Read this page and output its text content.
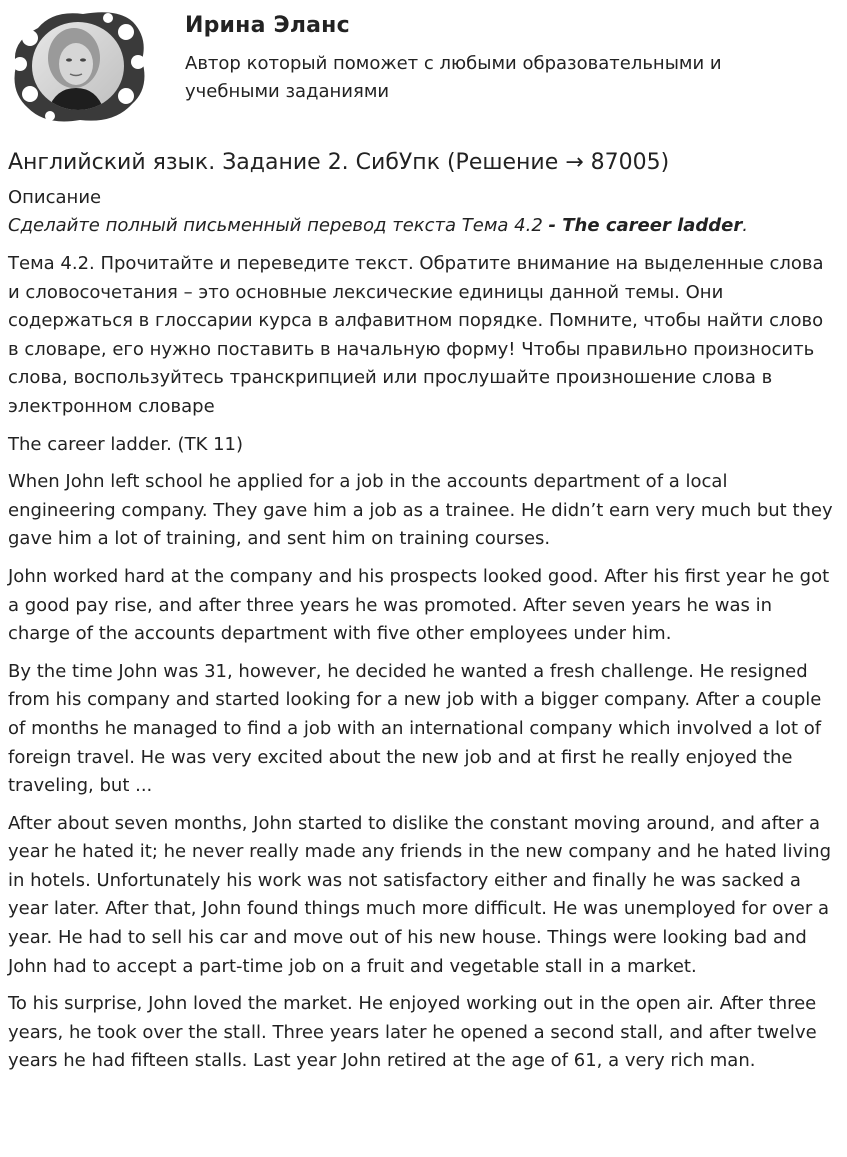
Ирина Эланс

Автор который поможет с любыми образовательными и учебными заданиями

Английский язык. Задание 2. СибУпк (Решение → 87005)

Описание

Сделайте полный письменный перевод текста Тема 4.2 - The career ladder.

Тема 4.2. Прочитайте и переведите текст. Обратите внимание на выделенные слова и словосочетания – это основные лексические единицы данной темы. Они содержаться в глоссарии курса в алфавитном порядке. Помните, чтобы найти слово в словаре, его нужно поставить в начальную форму! Чтобы правильно произносить слова, воспользуйтесь транскрипцией или прослушайте произношение слова в электронном словаре

The career ladder. (TK 11)

When John left school he applied for a job in the accounts department of a local engineering company. They gave him a job as a trainee. He didn’t earn very much but they gave him a lot of training, and sent him on training courses.

John worked hard at the company and his prospects looked good. After his first year he got a good pay rise, and after three years he was promoted. After seven years he was in charge of the accounts department with five other employees under him.

By the time John was 31, however, he decided he wanted a fresh challenge. He resigned from his company and started looking for a new job with a bigger company. After a couple of months he managed to find a job with an international company which involved a lot of foreign travel. He was very excited about the new job and at first he really enjoyed the traveling, but ...

After about seven months, John started to dislike the constant moving around, and after a year he hated it; he never really made any friends in the new company and he hated living in hotels. Unfortunately his work was not satisfactory either and finally he was sacked a year later. After that, John found things much more difficult. He was unemployed for over a year. He had to sell his car and move out of his new house. Things were looking bad and John had to accept a part-time job on a fruit and vegetable stall in a market.

To his surprise, John loved the market. He enjoyed working out in the open air. After three years, he took over the stall. Three years later he opened a second stall, and after twelve years he had fifteen stalls. Last year John retired at the age of 61, a very rich man.
